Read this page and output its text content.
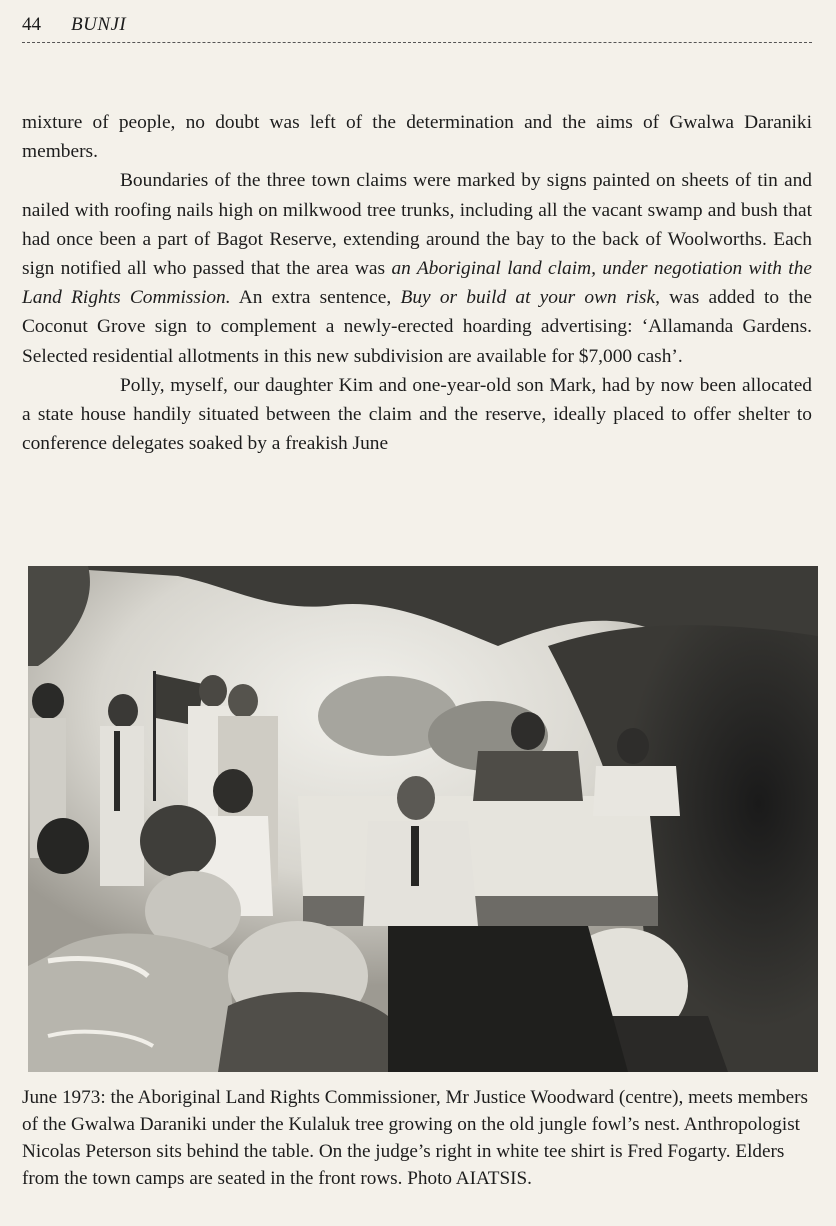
44 BUNJI

mixture of people, no doubt was left of the determination and the aims of Gwalwa Daraniki members.

Boundaries of the three town claims were marked by signs painted on sheets of tin and nailed with roofing nails high on milkwood tree trunks, including all the vacant swamp and bush that had once been a part of Bagot Reserve, extending around the bay to the back of Woolworths. Each sign notified all who passed that the area was an Aboriginal land claim, under negotiation with the Land Rights Commission. An extra sentence, Buy or build at your own risk, was added to the Coconut Grove sign to complement a newly-erected hoarding advertising: ‘Allamanda Gardens. Selected residential allotments in this new subdivision are available for $7,000 cash’.

Polly, myself, our daughter Kim and one-year-old son Mark, had by now been allocated a state house handily situated between the claim and the reserve, ideally placed to offer shelter to conference delegates soaked by a freakish June

June 1973: the Aboriginal Land Rights Commissioner, Mr Justice Woodward (centre), meets members of the Gwalwa Daraniki under the Kulaluk tree growing on the old jungle fowl’s nest. Anthropologist Nicolas Peterson sits behind the table. On the judge’s right in white tee shirt is Fred Fogarty. Elders from the town camps are seated in the front rows. Photo AIATSIS.
